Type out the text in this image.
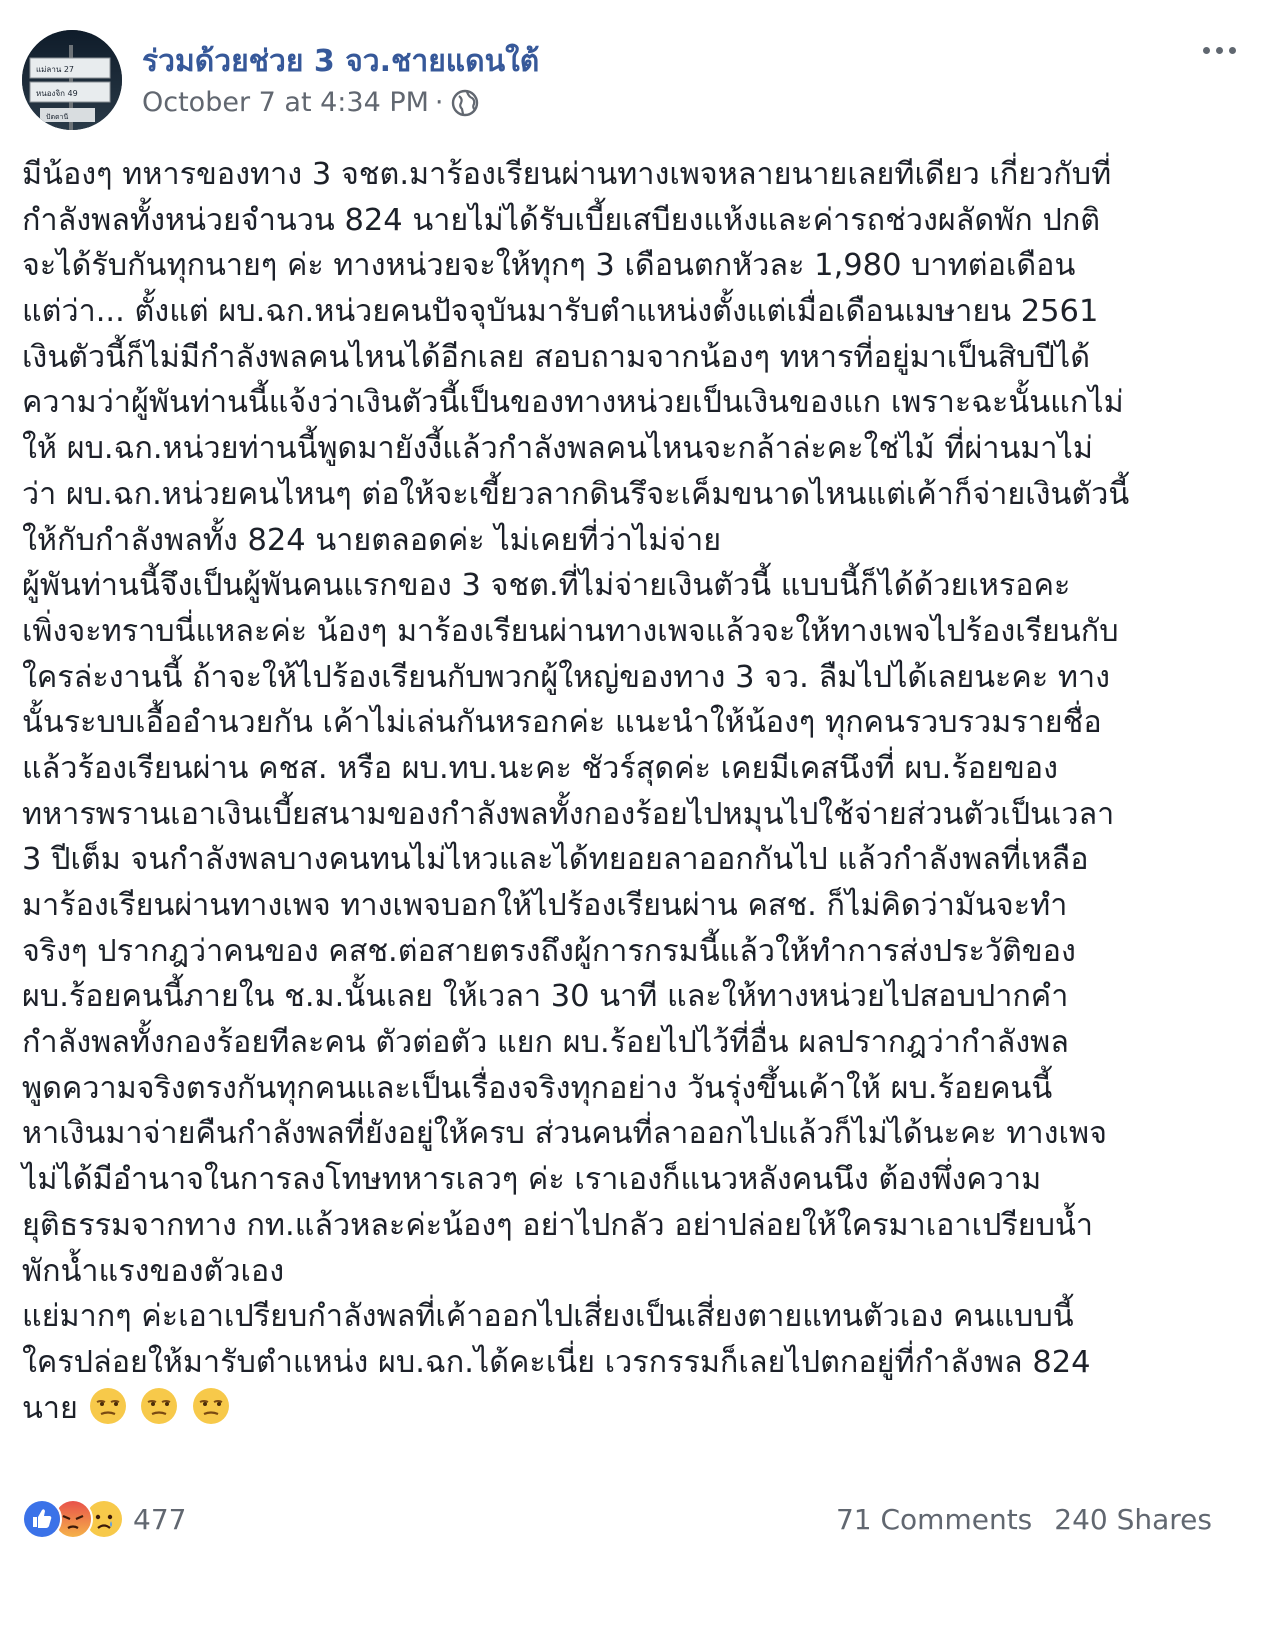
แม่ลาน 27
หนองจิก 49
ปัตตานี
ร่วมด้วยช่วย 3 จว.ชายแดนใต้
October 7 at 4:34 PM ·
มีน้องๆ ทหารของทาง 3 จชต.มาร้องเรียนผ่านทางเพจหลายนายเลยทีเดียว เกี่ยวกับที่
กำลังพลทั้งหน่วยจำนวน 824 นายไม่ได้รับเบี้ยเสบียงแห้งและค่ารถช่วงผลัดพัก ปกติ
จะได้รับกันทุกนายๆ ค่ะ ทางหน่วยจะให้ทุกๆ 3 เดือนตกหัวละ 1,980 บาทต่อเดือน
แต่ว่า... ตั้งแต่ ผบ.ฉก.หน่วยคนปัจจุบันมารับตำแหน่งตั้งแต่เมื่อเดือนเมษายน 2561
เงินตัวนี้ก็ไม่มีกำลังพลคนไหนได้อีกเลย สอบถามจากน้องๆ ทหารที่อยู่มาเป็นสิบปีได้
ความว่าผู้พันท่านนี้แจ้งว่าเงินตัวนี้เป็นของทางหน่วยเป็นเงินของแก เพราะฉะนั้นแกไม่
ให้ ผบ.ฉก.หน่วยท่านนี้พูดมายังงี้แล้วกำลังพลคนไหนจะกล้าล่ะคะใช่ไม้ ที่ผ่านมาไม่
ว่า ผบ.ฉก.หน่วยคนไหนๆ ต่อให้จะเขี้ยวลากดินรึจะเค็มขนาดไหนแต่เค้าก็จ่ายเงินตัวนี้
ให้กับกำลังพลทั้ง 824 นายตลอดค่ะ ไม่เคยที่ว่าไม่จ่าย
ผู้พันท่านนี้จึงเป็นผู้พันคนแรกของ 3 จชต.ที่ไม่จ่ายเงินตัวนี้ แบบนี้ก็ได้ด้วยเหรอคะ
เพิ่งจะทราบนี่แหละค่ะ น้องๆ มาร้องเรียนผ่านทางเพจแล้วจะให้ทางเพจไปร้องเรียนกับ
ใครล่ะงานนี้ ถ้าจะให้ไปร้องเรียนกับพวกผู้ใหญ่ของทาง 3 จว. ลืมไปได้เลยนะคะ ทาง
นั้นระบบเอื้ออำนวยกัน เค้าไม่เล่นกันหรอกค่ะ แนะนำให้น้องๆ ทุกคนรวบรวมรายชื่อ
แล้วร้องเรียนผ่าน คชส. หรือ ผบ.ทบ.นะคะ ชัวร์สุดค่ะ เคยมีเคสนึงที่ ผบ.ร้อยของ
ทหารพรานเอาเงินเบี้ยสนามของกำลังพลทั้งกองร้อยไปหมุนไปใช้จ่ายส่วนตัวเป็นเวลา
3 ปีเต็ม จนกำลังพลบางคนทนไม่ไหวและได้ทยอยลาออกกันไป แล้วกำลังพลที่เหลือ
มาร้องเรียนผ่านทางเพจ ทางเพจบอกให้ไปร้องเรียนผ่าน คสช. ก็ไม่คิดว่ามันจะทำ
จริงๆ ปรากฎว่าคนของ คสช.ต่อสายตรงถึงผู้การกรมนี้แล้วให้ทำการส่งประวัติของ
ผบ.ร้อยคนนี้ภายใน ช.ม.นั้นเลย ให้เวลา 30 นาที และให้ทางหน่วยไปสอบปากคำ
กำลังพลทั้งกองร้อยทีละคน ตัวต่อตัว แยก ผบ.ร้อยไปไว้ที่อื่น ผลปรากฎว่ากำลังพล
พูดความจริงตรงกันทุกคนและเป็นเรื่องจริงทุกอย่าง วันรุ่งขึ้นเค้าให้ ผบ.ร้อยคนนี้
หาเงินมาจ่ายคืนกำลังพลที่ยังอยู่ให้ครบ ส่วนคนที่ลาออกไปแล้วก็ไม่ได้นะคะ ทางเพจ
ไม่ได้มีอำนาจในการลงโทษทหารเลวๆ ค่ะ เราเองก็แนวหลังคนนึง ต้องพึ่งความ
ยุติธรรมจากทาง กท.แล้วหละค่ะน้องๆ อย่าไปกลัว อย่าปล่อยให้ใครมาเอาเปรียบน้ำ
พักน้ำแรงของตัวเอง
แย่มากๆ ค่ะเอาเปรียบกำลังพลที่เค้าออกไปเสี่ยงเป็นเสี่ยงตายแทนตัวเอง คนแบบนี้
ใครปล่อยให้มารับตำแหน่ง ผบ.ฉก.ได้คะเนี่ย เวรกรรมก็เลยไปตกอยู่ที่กำลังพล 824
นาย
477	71 Comments 240 Shares
